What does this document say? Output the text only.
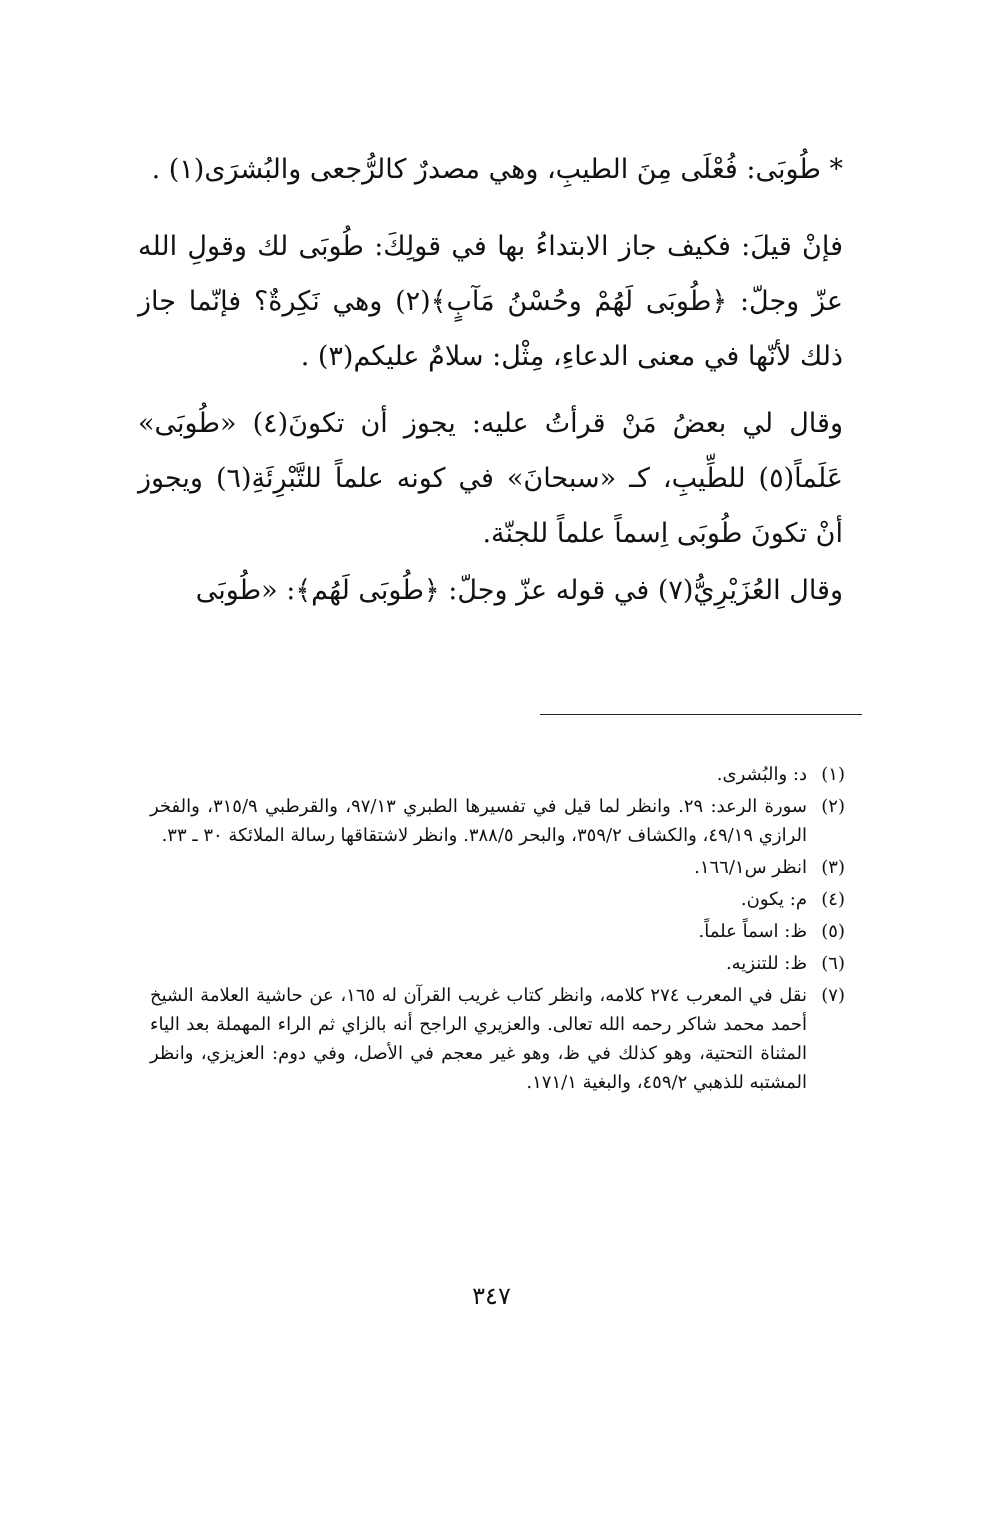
* طُوبَى: فُعْلَى مِنَ الطيبِ، وهي مصدرٌ كالرُّجعى والبُشرَى(١) .

فإنْ قيلَ: فكيف جاز الابتداءُ بها في قولِكَ: طُوبَى لك وقولِ الله عزّ وجلّ: ﴿طُوبَى لَهُمْ وحُسْنُ مَآبٍ﴾(٢) وهي نَكِرةٌ؟ فإنّما جاز ذلك لأنّها في معنى الدعاءِ، مِثْل: سلامٌ عليكم(٣) .

وقال لي بعضُ مَنْ قرأتُ عليه: يجوز أن تكونَ(٤) «طُوبَى» عَلَماً(٥) للطِّيبِ، كـ «سبحانَ» في كونه علماً للتَّبْرِئَةِ(٦) ويجوز أنْ تكونَ طُوبَى اِسماً علماً للجنّة.

وقال العُزَيْرِيُّ(٧) في قوله عزّ وجلّ: ﴿طُوبَى لَهُم﴾: «طُوبَى

(١)
د: والبُشرى.
(٢)
سورة الرعد: ٢٩. وانظر لما قيل في تفسيرها الطبري ٩٧/١٣، والقرطبي ٣١٥/٩، والفخر الرازي ٤٩/١٩، والكشاف ٣٥٩/٢، والبحر ٣٨٨/٥. وانظر لاشتقاقها رسالة الملائكة ٣٠ ـ ٣٣.
(٣)
انظر س١٦٦/١.
(٤)
م: يكون.
(٥)
ظ: اسماً علماً.
(٦)
ظ: للتنزيه.
(٧)
نقل في المعرب ٢٧٤ كلامه، وانظر كتاب غريب القرآن له ١٦٥، عن حاشية العلامة الشيخ أحمد محمد شاكر رحمه الله تعالى. والعزيري الراجح أنه بالزاي ثم الراء المهملة بعد الياء المثناة التحتية، وهو كذلك في ظ، وهو غير معجم في الأصل، وفي دوم: العزيزي، وانظر المشتبه للذهبي ٤٥٩/٢، والبغية ١٧١/١.
٣٤٧
